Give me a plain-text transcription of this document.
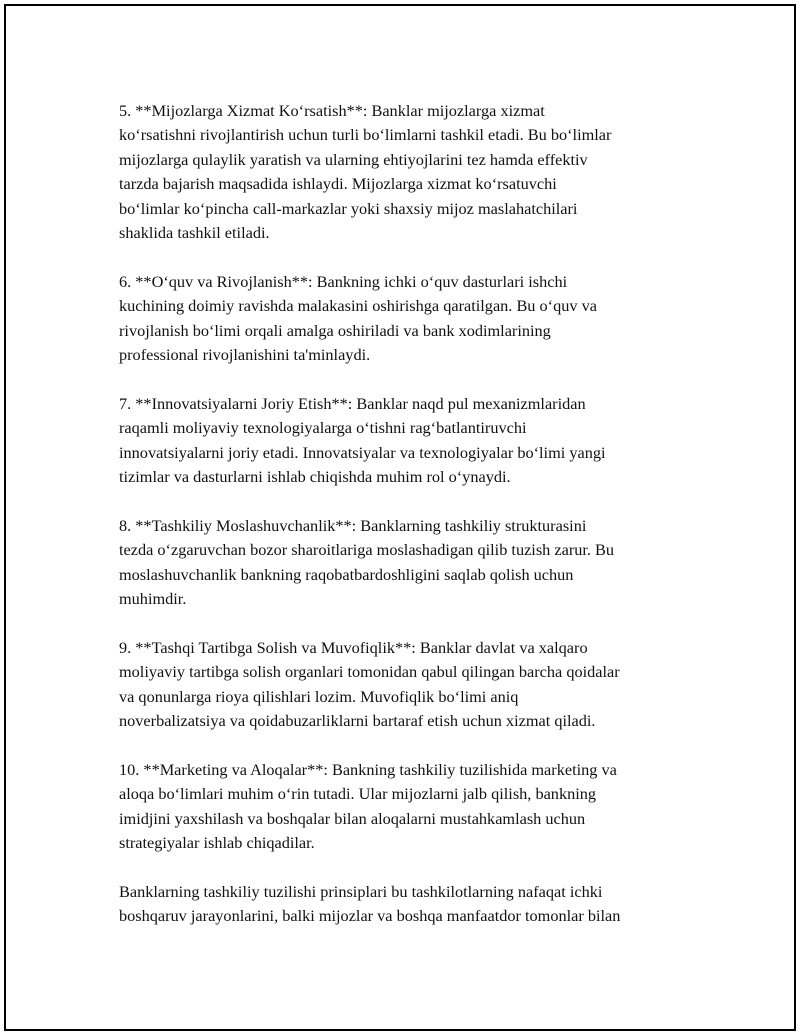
5. **Mijozlarga Xizmat Ko‘rsatish**: Banklar mijozlarga xizmat
ko‘rsatishni rivojlantirish uchun turli bo‘limlarni tashkil etadi. Bu bo‘limlar
mijozlarga qulaylik yaratish va ularning ehtiyojlarini tez hamda effektiv
tarzda bajarish maqsadida ishlaydi. Mijozlarga xizmat ko‘rsatuvchi
bo‘limlar ko‘pincha call-markazlar yoki shaxsiy mijoz maslahatchilari
shaklida tashkil etiladi.

6. **O‘quv va Rivojlanish**: Bankning ichki o‘quv dasturlari ishchi
kuchining doimiy ravishda malakasini oshirishga qaratilgan. Bu o‘quv va
rivojlanish bo‘limi orqali amalga oshiriladi va bank xodimlarining
professional rivojlanishini ta'minlaydi.

7. **Innovatsiyalarni Joriy Etish**: Banklar naqd pul mexanizmlaridan
raqamli moliyaviy texnologiyalarga o‘tishni rag‘batlantiruvchi
innovatsiyalarni joriy etadi. Innovatsiyalar va texnologiyalar bo‘limi yangi
tizimlar va dasturlarni ishlab chiqishda muhim rol o‘ynaydi.

8. **Tashkiliy Moslashuvchanlik**: Banklarning tashkiliy strukturasini
tezda o‘zgaruvchan bozor sharoitlariga moslashadigan qilib tuzish zarur. Bu
moslashuvchanlik bankning raqobatbardoshligini saqlab qolish uchun
muhimdir.

9. **Tashqi Tartibga Solish va Muvofiqlik**: Banklar davlat va xalqaro
moliyaviy tartibga solish organlari tomonidan qabul qilingan barcha qoidalar
va qonunlarga rioya qilishlari lozim. Muvofiqlik bo‘limi aniq
noverbalizatsiya va qoidabuzarliklarni bartaraf etish uchun xizmat qiladi.

10. **Marketing va Aloqalar**: Bankning tashkiliy tuzilishida marketing va
aloqa bo‘limlari muhim o‘rin tutadi. Ular mijozlarni jalb qilish, bankning
imidjini yaxshilash va boshqalar bilan aloqalarni mustahkamlash uchun
strategiyalar ishlab chiqadilar.

Banklarning tashkiliy tuzilishi prinsiplari bu tashkilotlarning nafaqat ichki
boshqaruv jarayonlarini, balki mijozlar va boshqa manfaatdor tomonlar bilan
